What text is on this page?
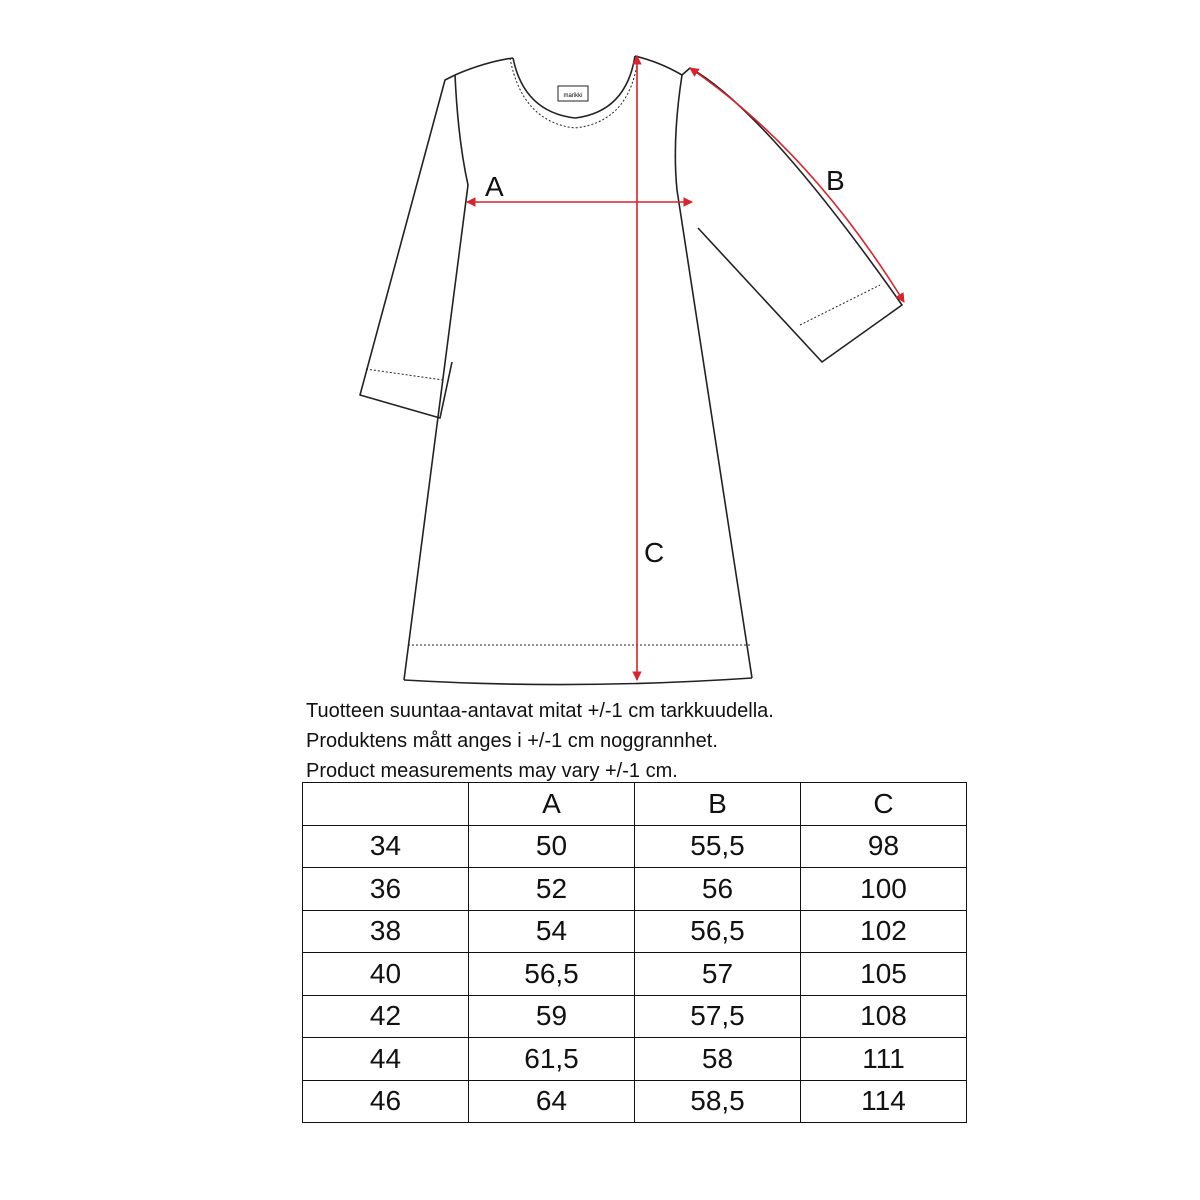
marikki
A	B
C
Tuotteen suuntaa-antavat mitat +/-1 cm tarkkuudella.
Produktens mått anges i +/-1 cm noggrannhet.
Product measurements may vary +/-1 cm.
	A	B	C
34	50	55,5	98
36	52	56	100
38	54	56,5	102
40	56,5	57	105
42	59	57,5	108
44	61,5	58	111
46	64	58,5	114
